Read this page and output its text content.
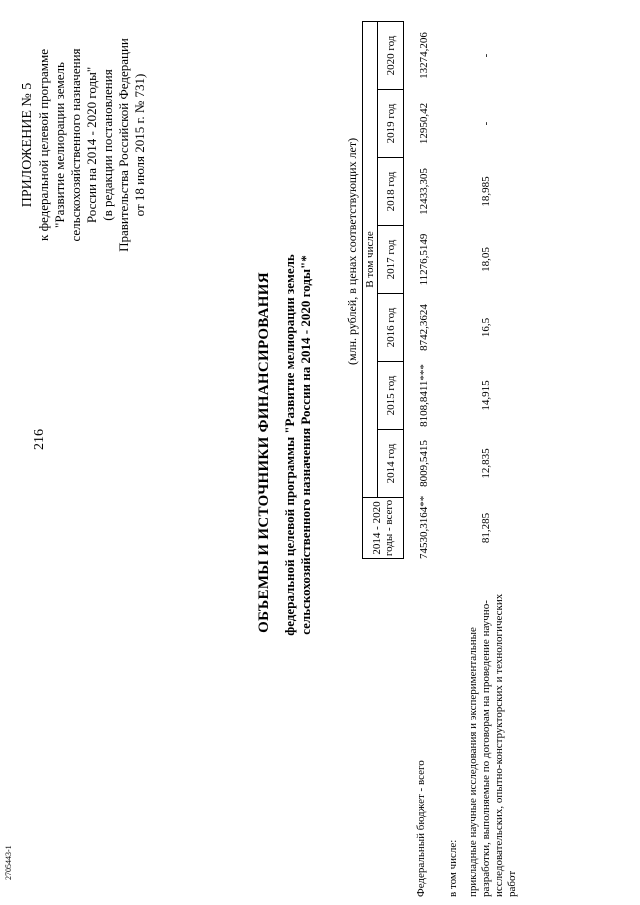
216
2705443-1
ПРИЛОЖЕНИЕ № 5 к федеральной целевой программе "Развитие мелиорации земель сельскохозяйственного назначения России на 2014 - 2020 годы" (в редакции постановления Правительства Российской Федерации от 18 июля 2015 г. № 731)
ОБЪЕМЫ И ИСТОЧНИКИ ФИНАНСИРОВАНИЯ федеральной целевой программы "Развитие мелиорации земель сельскохозяйственного назначения России на 2014 - 2020 годы"*
(млн. рублей, в ценах соответствующих лет)
2014 - 2020 годы - всего
В том числе
2014 год
2015 год
2016 год
2017 год
2018 год
2019 год
2020 год
Федеральный бюджет - всего
74530,3164**
8009,5415
8108,8411***
8742,3624
11276,5149
12433,305
12950,42
13274,206
в том числе: прикладные научные исследования и экспериментальные разработки, выполняемые по договорам на проведение научно-исследовательских, опытно-конструкторских и технологических работ
81,285
12,835
14,915
16,5
18,05
18,985
-
-
